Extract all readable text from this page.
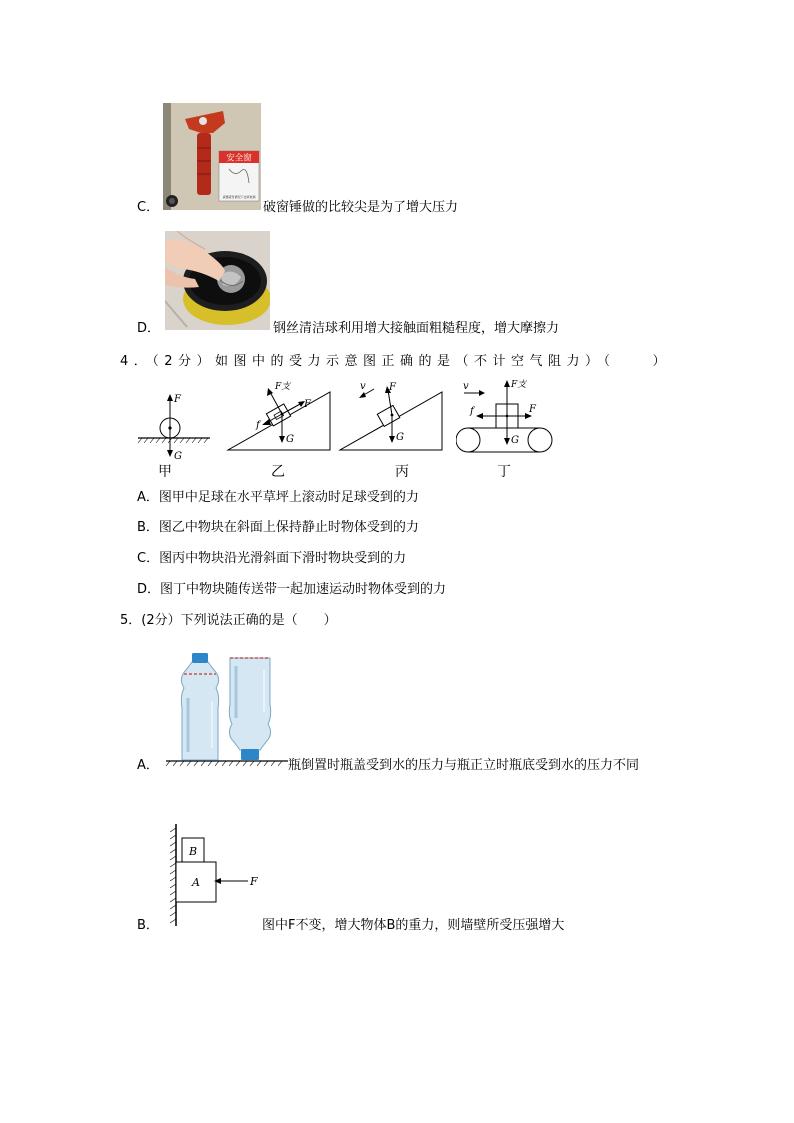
安全窗
请遇紧急情况下击碎玻璃
C．	破窗锤做的比较尖是为了增大压力
D．	钢丝清洁球利用增大接触面粗糙程度，增大摩擦力
4．（2分）如图中的受力示意图正确的是（不计空气阻力）（　　）
F
G
甲
F支
F
f
G
乙
v F
G
丙
v	F支
F
f
G
丁
A．图甲中足球在水平草坪上滚动时足球受到的力
B．图乙中物块在斜面上保持静止时物体受到的力
C．图丙中物块沿光滑斜面下滑时物块受到的力
D．图丁中物块随传送带一起加速运动时物体受到的力
5．(2分）下列说法正确的是（　　）
A．	瓶倒置时瓶盖受到水的压力与瓶正立时瓶底受到水的压力不同
A
B
F
B．	图中F不变，增大物体B的重力，则墙壁所受压强增大
